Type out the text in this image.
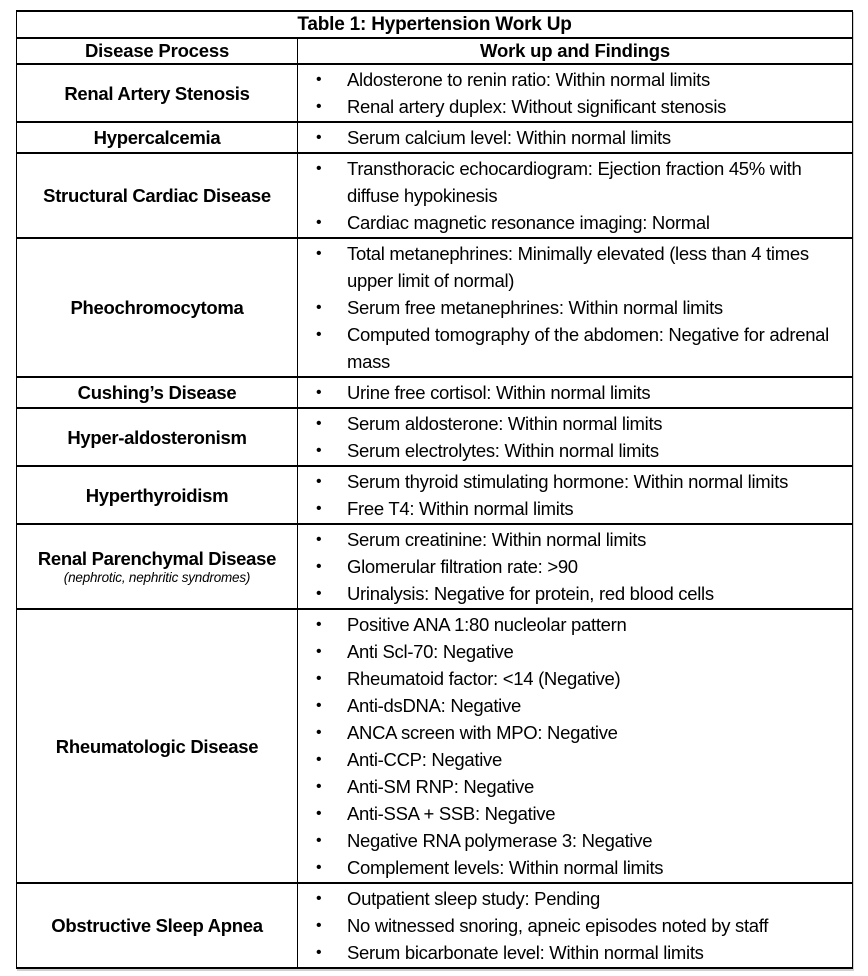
Table 1: Hypertension Work Up	
Disease Process	Work up and Findings
Renal Artery Stenosis	• Aldosterone to renin ratio: Within normal limits
• Renal artery duplex: Without significant stenosis

Hypercalcemia	• Serum calcium level: Within normal limits

Structural Cardiac Disease	• Transthoracic echocardiogram: Ejection fraction 45% with diffuse hypokinesis
• Cardiac magnetic resonance imaging: Normal

Pheochromocytoma	
•	Total metanephrines: Minimally elevated (less than 4 times upper limit of normal)
•	Serum free metanephrines: Within normal limits
•	Computed tomography of the abdomen: Negative for adrenal mass

Cushing’s Disease	• Urine free cortisol: Within normal limits

Hyper-aldosteronism	• Serum aldosterone: Within normal limits
• Serum electrolytes: Within normal limits

Hyperthyroidism	• Serum thyroid stimulating hormone: Within normal limits
• Free T4: Within normal limits

Renal Parenchymal Disease
(nephrotic, nephritic syndromes)

•	Serum creatinine: Within normal limits
•	Glomerular filtration rate: >90
•	Urinalysis: Negative for protein, red blood cells

Rheumatologic Disease	
•	Positive ANA 1:80 nucleolar pattern
•	Anti Scl-70: Negative
•	Rheumatoid factor: <14 (Negative)
•	Anti-dsDNA: Negative
•	ANCA screen with MPO: Negative
•	Anti-CCP: Negative
•	Anti-SM RNP: Negative
•	Anti-SSA + SSB: Negative
•	Negative RNA polymerase 3: Negative
•	Complement levels: Within normal limits

Obstructive Sleep Apnea	
•	Outpatient sleep study: Pending
•	No witnessed snoring, apneic episodes noted by staff
•	Serum bicarbonate level: Within normal limits
